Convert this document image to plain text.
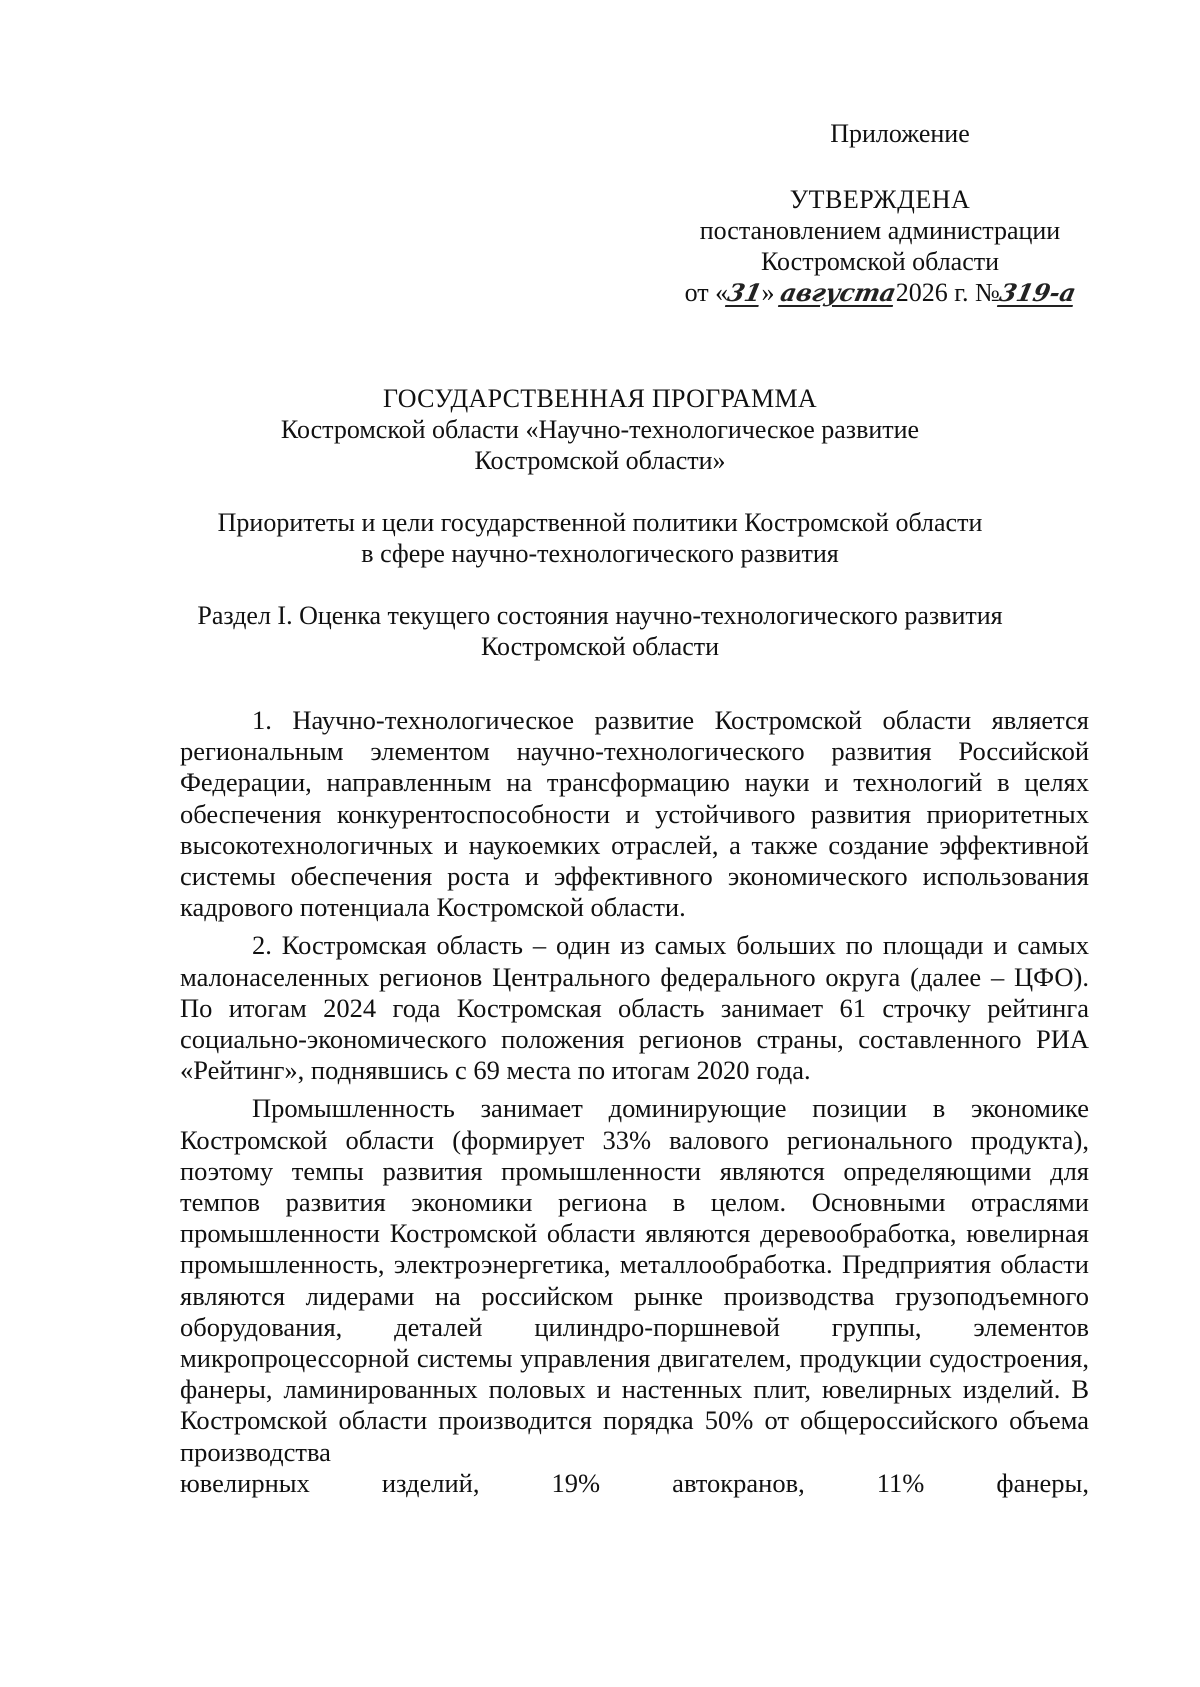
Приложение
УТВЕРЖДЕНА
постановлением администрации
Костромской области
от «31» августа2026 г. №319-а
ГОСУДАРСТВЕННАЯ ПРОГРАММА
Костромской области «Научно-технологическое развитие
Костромской области»
Приоритеты и цели государственной политики Костромской области
в сфере научно-технологического развития
Раздел I. Оценка текущего состояния научно-технологического развития
Костромской области

1. Научно-технологическое развитие Костромской области является региональным элементом научно-технологического развития Российской Федерации, направленным на трансформацию науки и технологий в целях обеспечения конкурентоспособности и устойчивого развития приоритетных высокотехнологичных и наукоемких отраслей, а также создание эффективной системы обеспечения роста и эффективного экономического использования кадрового потенциала Костромской области.

2. Костромская область – один из самых больших по площади и самых малонаселенных регионов Центрального федерального округа (далее – ЦФО). По итогам 2024 года Костромская область занимает 61 строчку рейтинга социально-экономического положения регионов страны, составленного РИА «Рейтинг», поднявшись с 69 места по итогам 2020 года.

Промышленность занимает доминирующие позиции в экономике Костромской области (формирует 33% валового регионального продукта), поэтому темпы развития промышленности являются определяющими для темпов развития экономики региона в целом. Основными отраслями промышленности Костромской области являются деревообработка, ювелирная промышленность, электроэнергетика, металлообработка. Предприятия области являются лидерами на российском рынке производства грузоподъемного оборудования, деталей цилиндро-поршневой группы, элементов микропроцессорной системы управления двигателем, продукции судостроения, фанеры, ламинированных половых и настенных плит, ювелирных изделий. В Костромской области производится порядка 50% от общероссийского объема производства

ювелирных изделий, 19% автокранов, 11% фанеры,
